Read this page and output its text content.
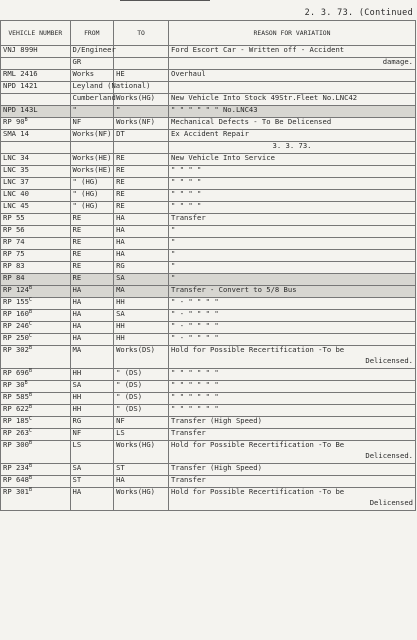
2. 3. 73. (Continued
VEHICLE NUMBER	FROM	TO	REASON FOR VARIATION
VNJ 899H	D/Engineer		Ford Escort Car - Written off - Accident
	GR		damage.

RML 2416	Works	HE	Overhaul
NPD 1421	Leyland (National)		
	Cumberland	Works(HG)	New Vehicle Into Stock 49Str.Fleet No.LNC42
NPD 143L	"	"	" " " " " " No.LNC43
RP $90^B$	NF	Works(NF)	Mechanical Defects - To Be Delicensed
SMA 14	Works(NF)	DT	Ex Accident Repair
			3. 3. 73.
LNC 34	Works(HE)	RE	New Vehicle Into Service
LNC 35	Works(HE)	RE	" " " "
LNC 37	" (HG)	RE	" " " "
LNC 40	" (HG)	RE	" " " "
LNC 45	" (HG)	RE	" " " "
RP 55	RE	HA	Transfer
RP 56	RE	HA	"
RP 74	RE	HA	"
RP 75	RE	HA	"
RP 83	RE	RG	"
RP 84	RE	SA	"
RP $124^B$	HA	MA	Transfer - Convert to 5/8 Bus
RP $155^C$	HA	HH	" - " " " "
RP $160^B$	HA	SA	" - " " " "
RP $246^C$	HA	HH	" - " " " "
RP $250^C$	HA	HH	" - " " " "
RP $302^B$	MA	Works(DS)	Hold for Possible Recertification -To be
Delicensed.

RP $696^B$	HH	" (DS)	" " " " " "
RP $30^B$	SA	" (DS)	" " " " " "
RP $585^B$	HH	" (DS)	" " " " " "
RP $622^B$	HH	" (DS)	" " " " " "
RP $185^C$	RG	NF	Transfer (High Speed)
RP $263^C$	NF	LS	Transfer
RP $300^B$	LS	Works(HG)	Hold for Possible Recertification -To Be
Delicensed.

RP $234^B$	SA	ST	Transfer (High Speed)
RP $648^B$	ST	HA	Transfer
RP $301^B$	HA	Works(HG)	Hold for Possible Recertification -To be
Delicensed
